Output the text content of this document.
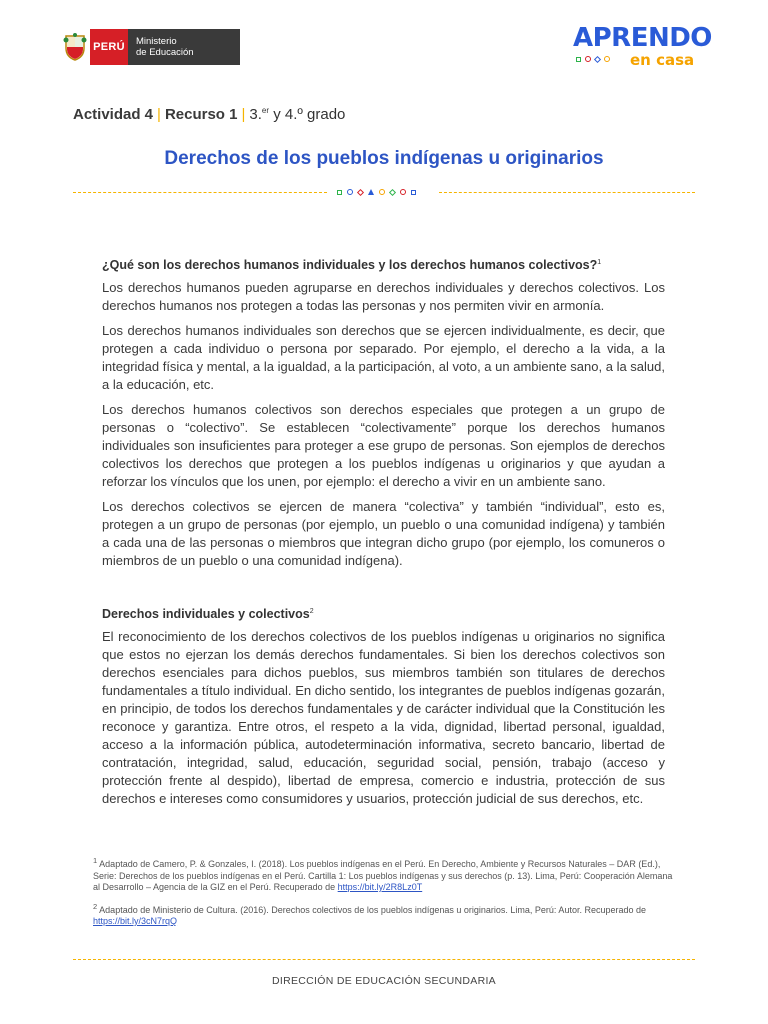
PERÚ	Ministerio
de Educación	APRENDO
en casa
Actividad 4 | Recurso 1 | 3.$^{er}$ y 4.º grado
Derechos de los pueblos indígenas u originarios
¿Qué son los derechos humanos individuales y los derechos humanos colectivos?$^1$

Los derechos humanos pueden agruparse en derechos individuales y derechos colectivos. Los derechos humanos nos protegen a todas las personas y nos permiten vivir en armonía.

Los derechos humanos individuales son derechos que se ejercen individualmente, es decir, que protegen a cada individuo o persona por separado. Por ejemplo, el derecho a la vida, a la integridad física y mental, a la igualdad, a la participación, al voto, a un ambiente sano, a la salud, a la educación, etc.

Los derechos humanos colectivos son derechos especiales que protegen a un grupo de personas o “colectivo”. Se establecen “colectivamente” porque los derechos humanos individuales son insuficientes para proteger a ese grupo de personas. Son ejemplos de derechos colectivos los derechos que protegen a los pueblos indígenas u originarios y que ayudan a reforzar los vínculos que los unen, por ejemplo: el derecho a vivir en un ambiente sano.

Los derechos colectivos se ejercen de manera “colectiva” y también “individual”, esto es, protegen a un grupo de personas (por ejemplo, un pueblo o una comunidad indígena) y también a cada una de las personas o miembros que integran dicho grupo (por ejemplo, los comuneros o miembros de un pueblo o una comunidad indígena).

Derechos individuales y colectivos$^2$

El reconocimiento de los derechos colectivos de los pueblos indígenas u originarios no significa que estos no ejerzan los demás derechos fundamentales. Si bien los derechos colectivos son derechos esenciales para dichos pueblos, sus miembros también son titulares de derechos fundamentales a título individual. En dicho sentido, los integrantes de pueblos indígenas gozarán, en principio, de todos los derechos fundamentales y de carácter individual que la Constitución les reconoce y garantiza. Entre otros, el respeto a la vida, dignidad, libertad personal, igualdad, acceso a la información pública, autodeterminación informativa, secreto bancario, libertad de contratación, integridad, salud, educación, seguridad social, pensión, trabajo (acceso y protección frente al despido), libertad de empresa, comercio e industria, protección de sus derechos e intereses como consumidores y usuarios, protección judicial de sus derechos, etc.

$^1$ Adaptado de Camero, P. & Gonzales, I. (2018). Los pueblos indígenas en el Perú. En Derecho, Ambiente y Recursos Naturales – DAR (Ed.), Serie: Derechos de los pueblos indígenas en el Perú. Cartilla 1: Los pueblos indígenas y sus derechos (p. 13). Lima, Perú: Cooperación Alemana al Desarrollo – Agencia de la GIZ en el Perú. Recuperado de https://bit.ly/2R8Lz0T

$^2$ Adaptado de Ministerio de Cultura. (2016). Derechos colectivos de los pueblos indígenas u originarios. Lima, Perú: Autor. Recuperado de https://bit.ly/3cN7rqQ

DIRECCIÓN DE EDUCACIÓN SECUNDARIA
